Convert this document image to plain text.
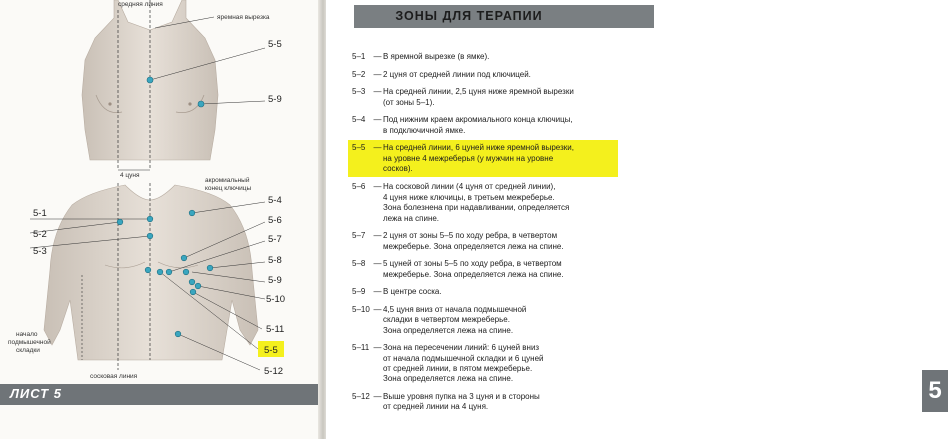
средняя линия
яремная вырезка
5-5
5-9
4 цуня
акромиальный
конец ключицы
начало
подмышечной
складки
сосковая линия
5-1
5-2
5-3
5-4
5-6
5-7
5-8
5-9
5-10
5-11
5-5
5-12
ЛИСТ 5
ЗОНЫ ДЛЯ ТЕРАПИИ
5–1	— В яремной вырезке (в ямке).
5–2	— 2 цуня от средней линии под ключицей.
5–3	— На средней линии, 2,5 цуня ниже яремной вырезки
(от зоны 5–1).
5–4	— Под нижним краем акромиального конца ключицы,
в подключичной ямке.
5–5	— На средней линии, 6 цуней ниже яремной вырезки,
на уровне 4 межреберья (у мужчин на уровне
сосков).
5–6	— На сосковой линии (4 цуня от средней линии),
4 цуня ниже ключицы, в третьем межреберье.
Зона болезнена при надавливании, определяется
лежа на спине.
5–7	— 2 цуня от зоны 5–5 по ходу ребра, в четвертом
межреберье. Зона определяется лежа на спине.
5–8	— 5 цуней от зоны 5–5 по ходу ребра, в четвертом
межреберье. Зона определяется лежа на спине.
5–9	— В центре соска.
5–10 — 4,5 цуня вниз от начала подмышечной
складки в четвертом межреберье.
Зона определяется лежа на спине.
5–11 — Зона на пересечении линий: 6 цуней вниз
от начала подмышечной складки и 6 цуней
от средней линии, в пятом межреберье.
Зона определяется лежа на спине.
5–12 — Выше уровня пупка на 3 цуня и в стороны
от средней линии на 4 цуня.
5
